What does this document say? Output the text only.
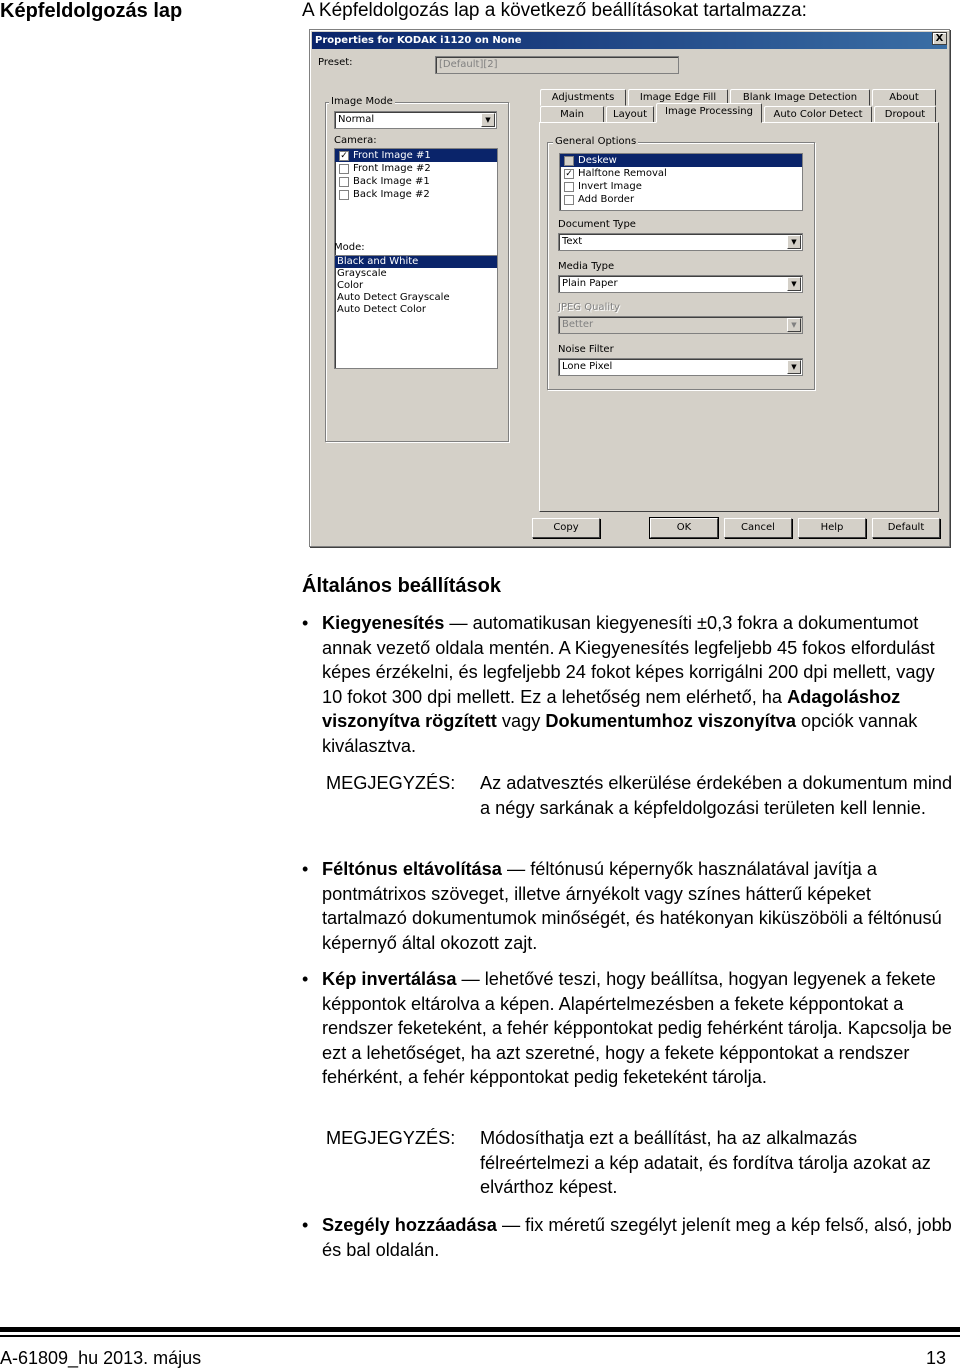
Képfeldolgozás lap	A Képfeldolgozás lap a következő beállításokat tartalmazza:
Properties for KODAK i1120 on None	X
Preset:	[Default][2]
Image Mode
Normal	▼
Camera:
✓ Front Image #1
Front Image #2
Back Image #1
Back Image #2
Mode:
Black and White
Grayscale
Color
Auto Detect Grayscale
Auto Detect Color
Adjustments	Image Edge Fill	Blank Image Detection	About
Main	Layout	Image Processing	Auto Color Detect	Dropout
General Options
Deskew
✓ Halftone Removal
Invert Image
Add Border
Document Type
Text	▼
Media Type
Plain Paper	▼
JPEG Quality
Better	▼
Noise Filter
Lone Pixel	▼
Copy	OK	Cancel	Help	Default
Általános beállítások
• Kiegyenesítés — automatikusan kiegyenesíti ±0,3 fokra a dokumentumot annak vezető oldala mentén. A Kiegyenesítés legfeljebb 45 fokos elfordulást képes érzékelni, és legfeljebb 24 fokot képes korrigálni 200 dpi mellett, vagy 10 fokot 300 dpi mellett. Ez a lehetőség nem elérhető, ha Adagoláshoz viszonyítva rögzített vagy Dokumentumhoz viszonyítva opciók vannak kiválasztva.
MEGJEGYZÉS: Az adatvesztés elkerülése érdekében a dokumentum mind a négy sarkának a képfeldolgozási területen kell lennie.
• Féltónus eltávolítása — féltónusú képernyők használatával javítja a pontmátrixos szöveget, illetve árnyékolt vagy színes hátterű képeket tartalmazó dokumentumok minőségét, és hatékonyan kiküszöböli a féltónusú képernyő által okozott zajt.
• Kép invertálása — lehetővé teszi, hogy beállítsa, hogyan legyenek a fekete képpontok eltárolva a képen. Alapértelmezésben a fekete képpontokat a rendszer feketeként, a fehér képpontokat pedig fehérként tárolja. Kapcsolja be ezt a lehetőséget, ha azt szeretné, hogy a fekete képpontokat a rendszer fehérként, a fehér képpontokat pedig feketeként tárolja.
MEGJEGYZÉS: Módosíthatja ezt a beállítást, ha az alkalmazás félreértelmezi a kép adatait, és fordítva tárolja azokat az elvárthoz képest.
• Szegély hozzáadása — fix méretű szegélyt jelenít meg a kép felső, alsó, jobb és bal oldalán.
A-61809_hu 2013. május	13
